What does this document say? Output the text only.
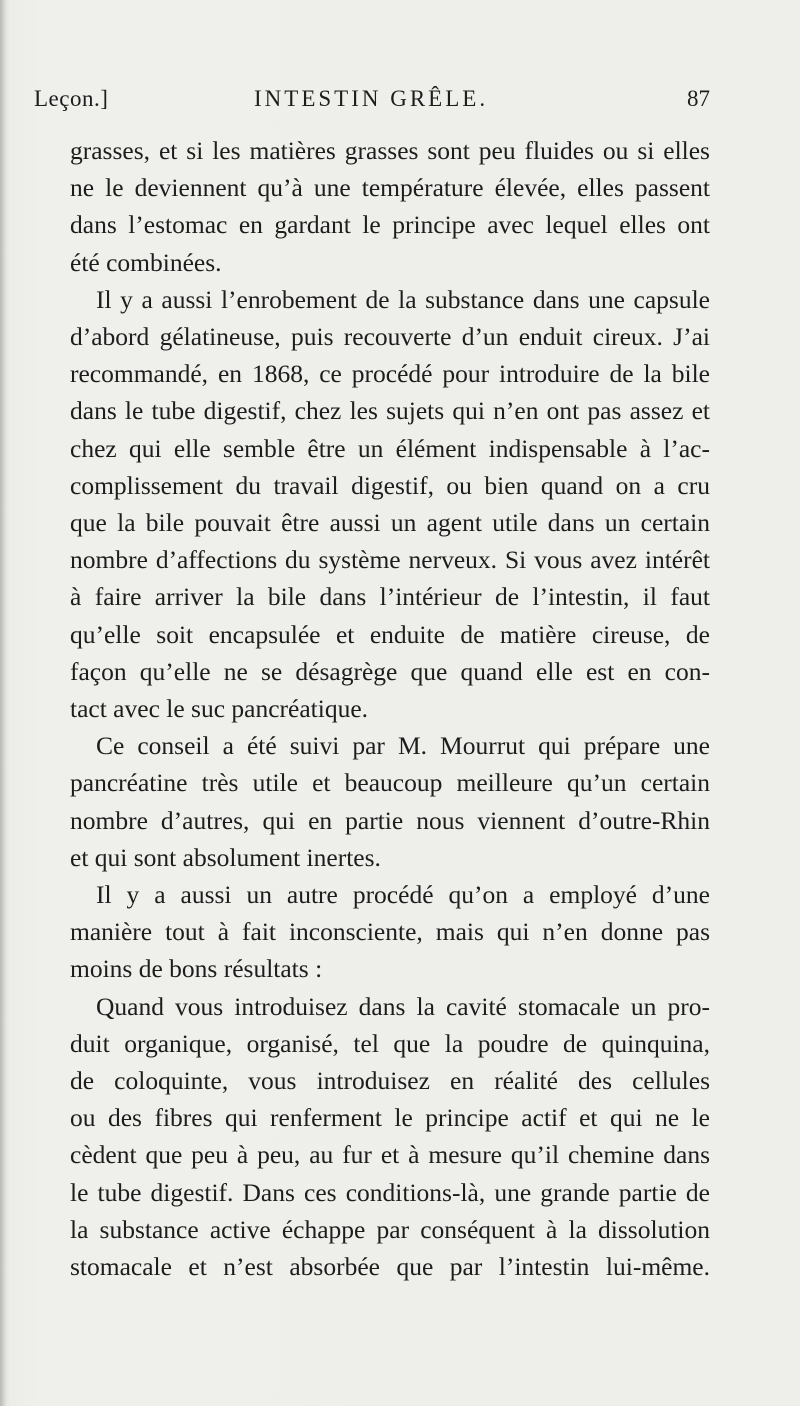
Leçon.]	INTESTIN GRÊLE.	87
grasses, et si les matières grasses sont peu fluides ou si elles
ne le deviennent qu’à une température élevée, elles passent
dans l’estomac en gardant le principe avec lequel elles ont
été combinées.
Il y a aussi l’enrobement de la substance dans une capsule
d’abord gélatineuse, puis recouverte d’un enduit cireux. J’ai
recommandé, en 1868, ce procédé pour introduire de la bile
dans le tube digestif, chez les sujets qui n’en ont pas assez et
chez qui elle semble être un élément indispensable à l’ac-
complissement du travail digestif, ou bien quand on a cru
que la bile pouvait être aussi un agent utile dans un certain
nombre d’affections du système nerveux. Si vous avez intérêt
à faire arriver la bile dans l’intérieur de l’intestin, il faut
qu’elle soit encapsulée et enduite de matière cireuse, de
façon qu’elle ne se désagrège que quand elle est en con-
tact avec le suc pancréatique.
Ce conseil a été suivi par M. Mourrut qui prépare une
pancréatine très utile et beaucoup meilleure qu’un certain
nombre d’autres, qui en partie nous viennent d’outre-Rhin
et qui sont absolument inertes.
Il y a aussi un autre procédé qu’on a employé d’une
manière tout à fait inconsciente, mais qui n’en donne pas
moins de bons résultats :
Quand vous introduisez dans la cavité stomacale un pro-
duit organique, organisé, tel que la poudre de quinquina,
de coloquinte, vous introduisez en réalité des cellules
ou des fibres qui renferment le principe actif et qui ne le
cèdent que peu à peu, au fur et à mesure qu’il chemine dans
le tube digestif. Dans ces conditions-là, une grande partie de
la substance active échappe par conséquent à la dissolution
stomacale et n’est absorbée que par l’intestin lui-même.
